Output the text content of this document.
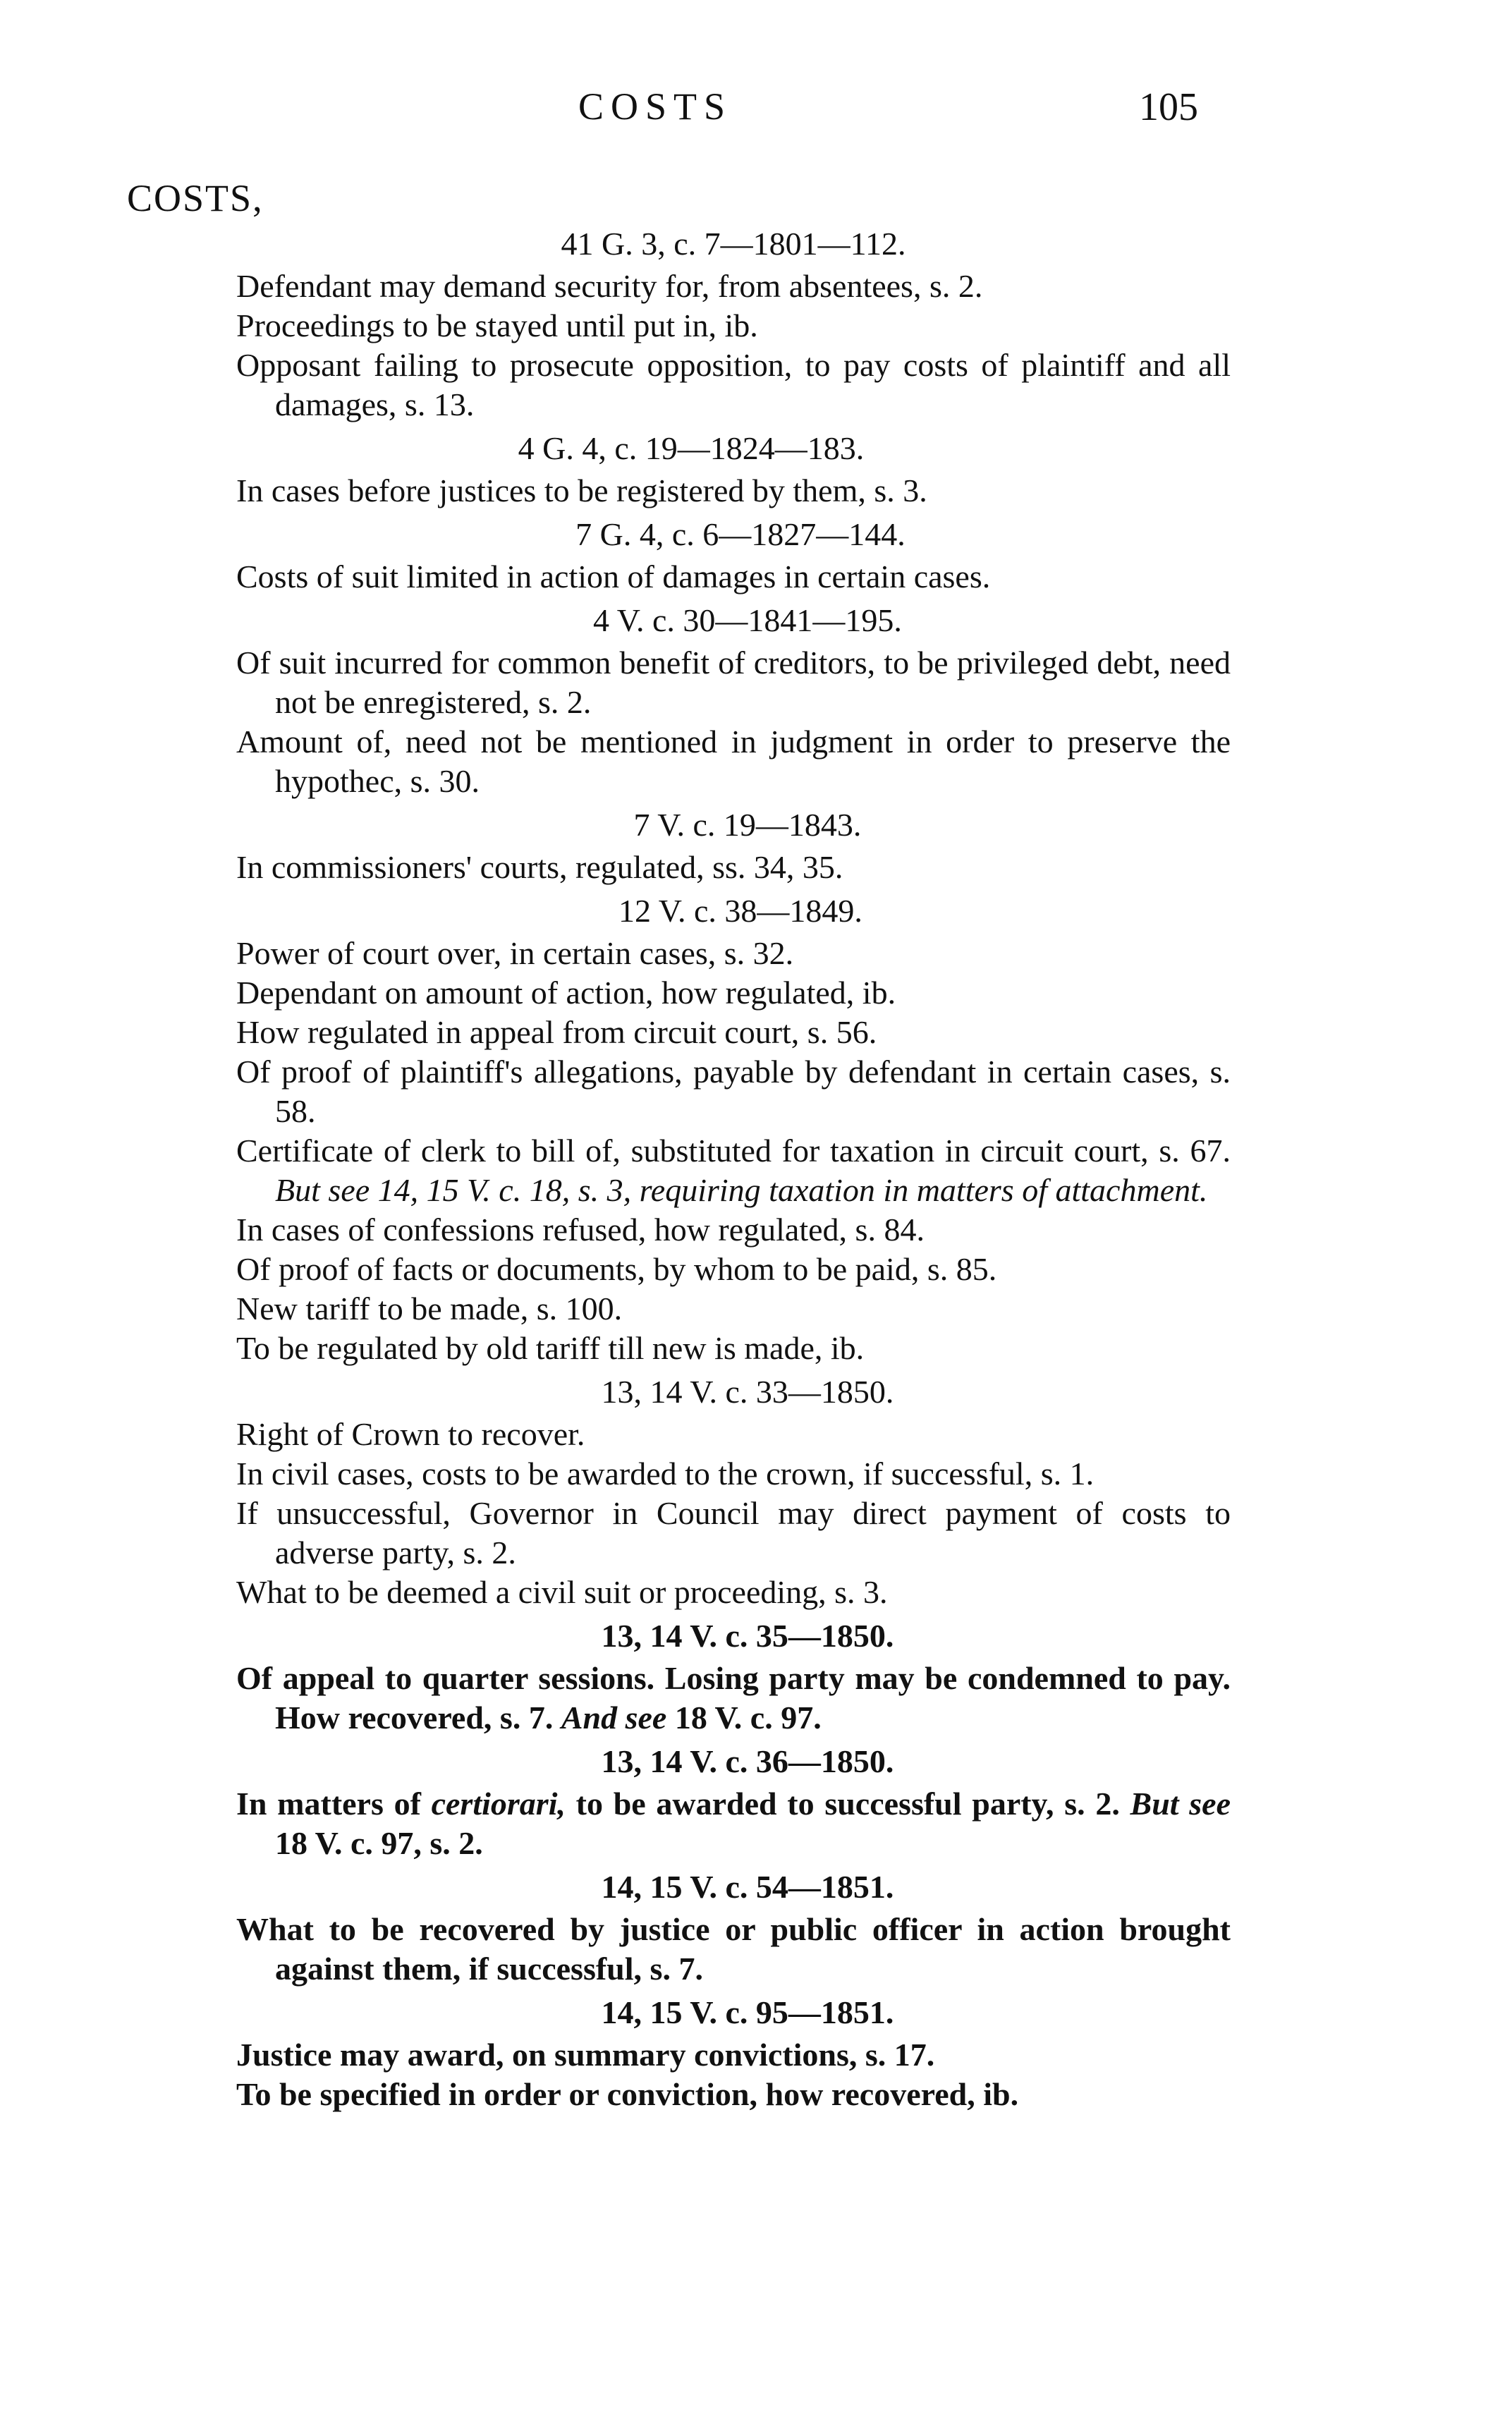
COSTS	105
COSTS,
41 G. 3, c. 7—1801—112.
Defendant may demand security for, from absentees, s. 2.
Proceedings to be stayed until put in, ib.
Opposant failing to prosecute opposition, to pay costs of plaintiff and all damages, s. 13.
4 G. 4, c. 19—1824—183.
In cases before justices to be registered by them, s. 3.
7 G. 4, c. 6—1827—144.
Costs of suit limited in action of damages in certain cases.
4 V. c. 30—1841—195.
Of suit incurred for common benefit of creditors, to be privileged debt, need not be enregistered, s. 2.
Amount of, need not be mentioned in judgment in order to preserve the hypothec, s. 30.
7 V. c. 19—1843.
In commissioners' courts, regulated, ss. 34, 35.
12 V. c. 38—1849.
Power of court over, in certain cases, s. 32.
Dependant on amount of action, how regulated, ib.
How regulated in appeal from circuit court, s. 56.
Of proof of plaintiff's allegations, payable by defendant in certain cases, s. 58.
Certificate of clerk to bill of, substituted for taxation in circuit court, s. 67. But see 14, 15 V. c. 18, s. 3, requiring taxation in matters of attachment.
In cases of confessions refused, how regulated, s. 84.
Of proof of facts or documents, by whom to be paid, s. 85.
New tariff to be made, s. 100.
To be regulated by old tariff till new is made, ib.
13, 14 V. c. 33—1850.
Right of Crown to recover.
In civil cases, costs to be awarded to the crown, if successful, s. 1.
If unsuccessful, Governor in Council may direct payment of costs to adverse party, s. 2.
What to be deemed a civil suit or proceeding, s. 3.
13, 14 V. c. 35—1850.
Of appeal to quarter sessions. Losing party may be condemned to pay. How recovered, s. 7. And see 18 V. c. 97.
13, 14 V. c. 36—1850.
In matters of certiorari, to be awarded to successful party, s. 2. But see 18 V. c. 97, s. 2.
14, 15 V. c. 54—1851.
What to be recovered by justice or public officer in action brought against them, if successful, s. 7.
14, 15 V. c. 95—1851.
Justice may award, on summary convictions, s. 17.
To be specified in order or conviction, how recovered, ib.
